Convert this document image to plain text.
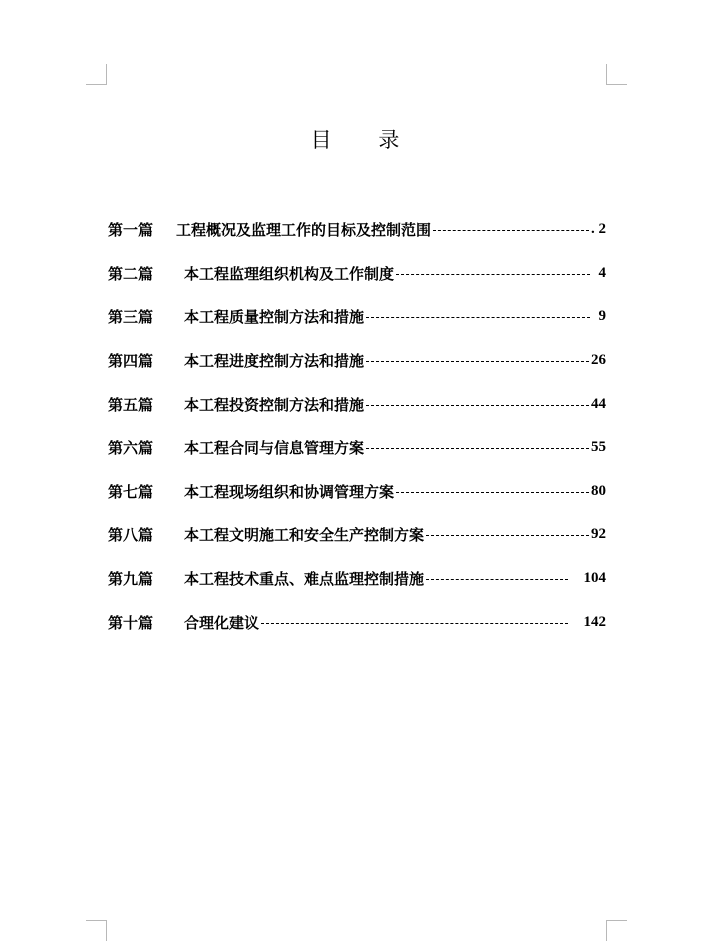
目 录
第一篇	工程概况及监理工作的目标及控制范围	. 2
第二篇	本工程监理组织机构及工作制度	4
第三篇	本工程质量控制方法和措施	9
第四篇	本工程进度控制方法和措施	26
第五篇	本工程投资控制方法和措施	44
第六篇	本工程合同与信息管理方案	55
第七篇	本工程现场组织和协调管理方案	80
第八篇	本工程文明施工和安全生产控制方案	92
第九篇	本工程技术重点、难点监理控制措施	104
第十篇	合理化建议	142
